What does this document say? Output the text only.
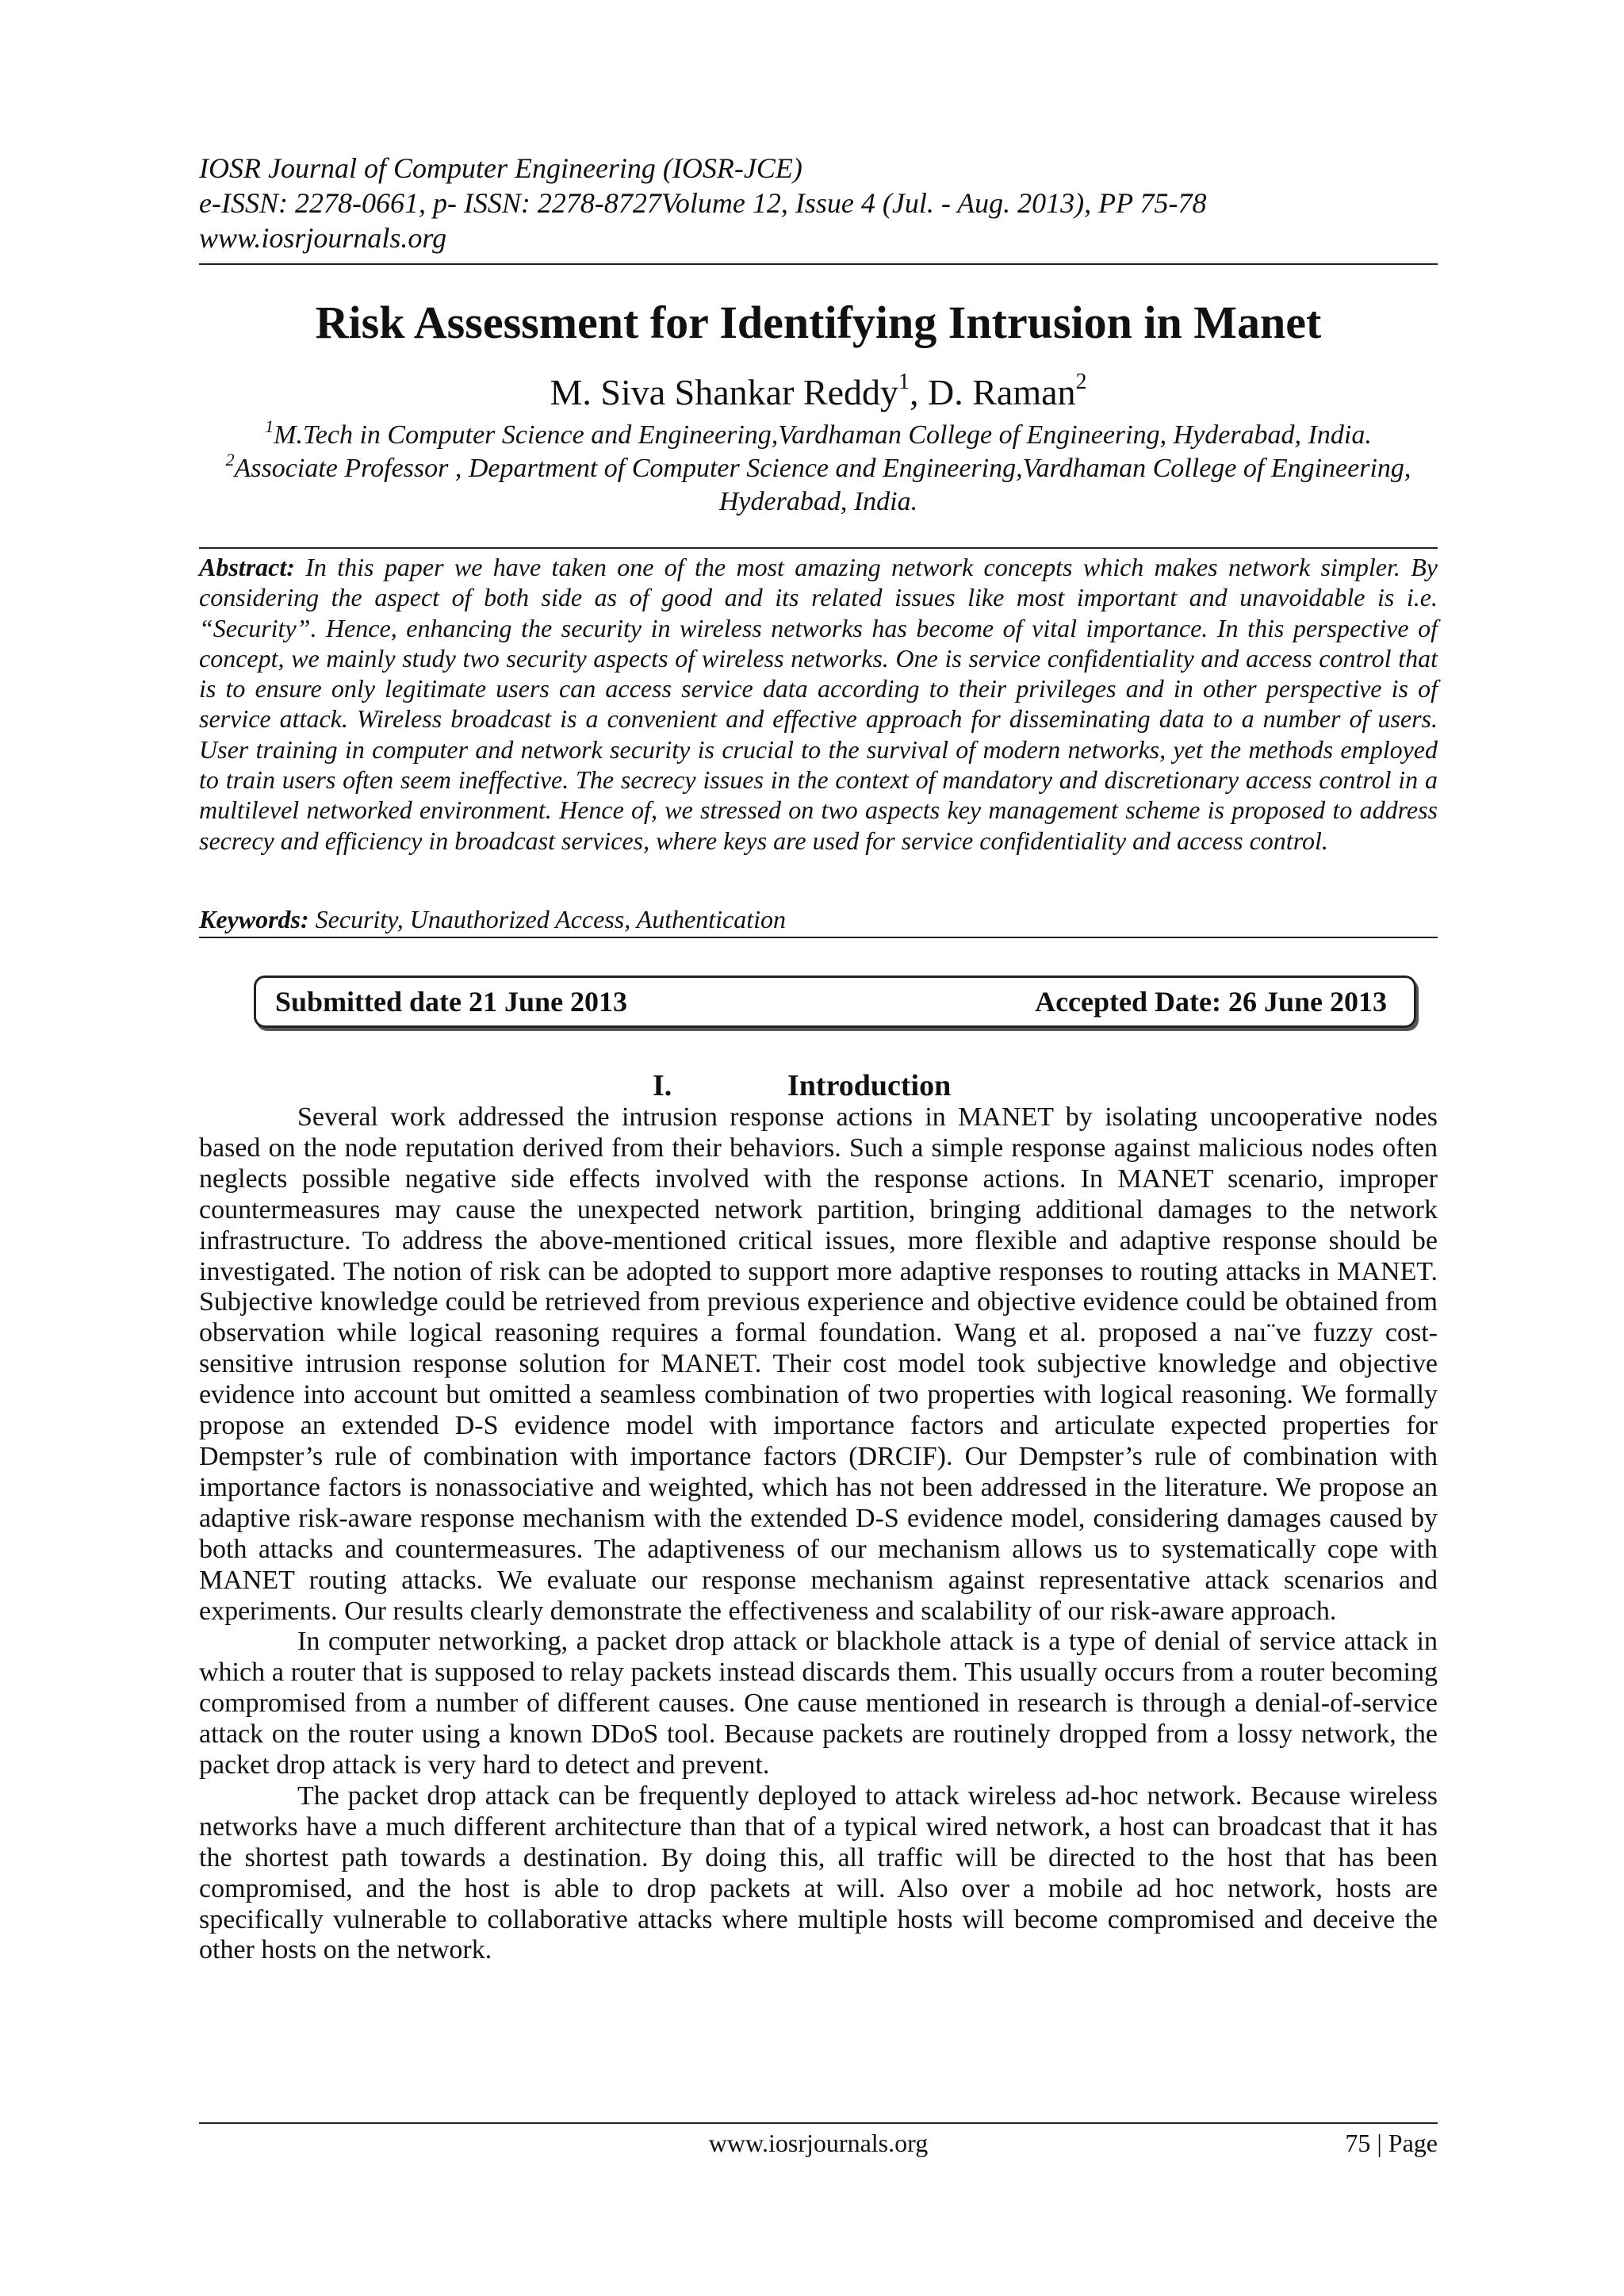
IOSR Journal of Computer Engineering (IOSR-JCE)
e-ISSN: 2278-0661, p- ISSN: 2278-8727Volume 12, Issue 4 (Jul. - Aug. 2013), PP 75-78
www.iosrjournals.org
Risk Assessment for Identifying Intrusion in Manet
M. Siva Shankar Reddy$^1$, D. Raman$^2$
$^1$M.Tech in Computer Science and Engineering,Vardhaman College of Engineering, Hyderabad, India.
$^2$Associate Professor , Department of Computer Science and Engineering,Vardhaman College of Engineering,
Hyderabad, India.
Abstract: In this paper we have taken one of the most amazing network concepts which makes network simpler. By considering the aspect of both side as of good and its related issues like most important and unavoidable is i.e. “Security”. Hence, enhancing the security in wireless networks has become of vital importance. In this perspective of concept, we mainly study two security aspects of wireless networks. One is service confidentiality and access control that is to ensure only legitimate users can access service data according to their privileges and in other perspective is of service attack. Wireless broadcast is a convenient and effective approach for disseminating data to a number of users. User training in computer and network security is crucial to the survival of modern networks, yet the methods employed to train users often seem ineffective. The secrecy issues in the context of mandatory and discretionary access control in a multilevel networked environment. Hence of, we stressed on two aspects key management scheme is proposed to address secrecy and efficiency in broadcast services, where keys are used for service confidentiality and access control.
Keywords: Security, Unauthorized Access, Authentication
Submitted date 21 June 2013	Accepted Date: 26 June 2013
I.	Introduction

Several work addressed the intrusion response actions in MANET by isolating uncooperative nodes based on the node reputation derived from their behaviors. Such a simple response against malicious nodes often neglects possible negative side effects involved with the response actions. In MANET scenario, improper countermeasures may cause the unexpected network partition, bringing additional damages to the network infrastructure. To address the above-mentioned critical issues, more flexible and adaptive response should be investigated. The notion of risk can be adopted to support more adaptive responses to routing attacks in MANET. Subjective knowledge could be retrieved from previous experience and objective evidence could be obtained from observation while logical reasoning requires a formal foundation. Wang et al. proposed a naı¨ve fuzzy cost-sensitive intrusion response solution for MANET. Their cost model took subjective knowledge and objective evidence into account but omitted a seamless combination of two properties with logical reasoning. We formally propose an extended D-S evidence model with importance factors and articulate expected properties for Dempster’s rule of combination with importance factors (DRCIF). Our Dempster’s rule of combination with importance factors is nonassociative and weighted, which has not been addressed in the literature. We propose an adaptive risk-aware response mechanism with the extended D-S evidence model, considering damages caused by both attacks and countermeasures. The adaptiveness of our mechanism allows us to systematically cope with MANET routing attacks. We evaluate our response mechanism against representative attack scenarios and experiments. Our results clearly demonstrate the effectiveness and scalability of our risk-aware approach.

In computer networking, a packet drop attack or blackhole attack is a type of denial of service attack in which a router that is supposed to relay packets instead discards them. This usually occurs from a router becoming compromised from a number of different causes. One cause mentioned in research is through a denial-of-service attack on the router using a known DDoS tool. Because packets are routinely dropped from a lossy network, the packet drop attack is very hard to detect and prevent.

The packet drop attack can be frequently deployed to attack wireless ad-hoc network. Because wireless networks have a much different architecture than that of a typical wired network, a host can broadcast that it has the shortest path towards a destination. By doing this, all traffic will be directed to the host that has been compromised, and the host is able to drop packets at will. Also over a mobile ad hoc network, hosts are specifically vulnerable to collaborative attacks where multiple hosts will become compromised and deceive the other hosts on the network.

www.iosrjournals.org	75 | Page
